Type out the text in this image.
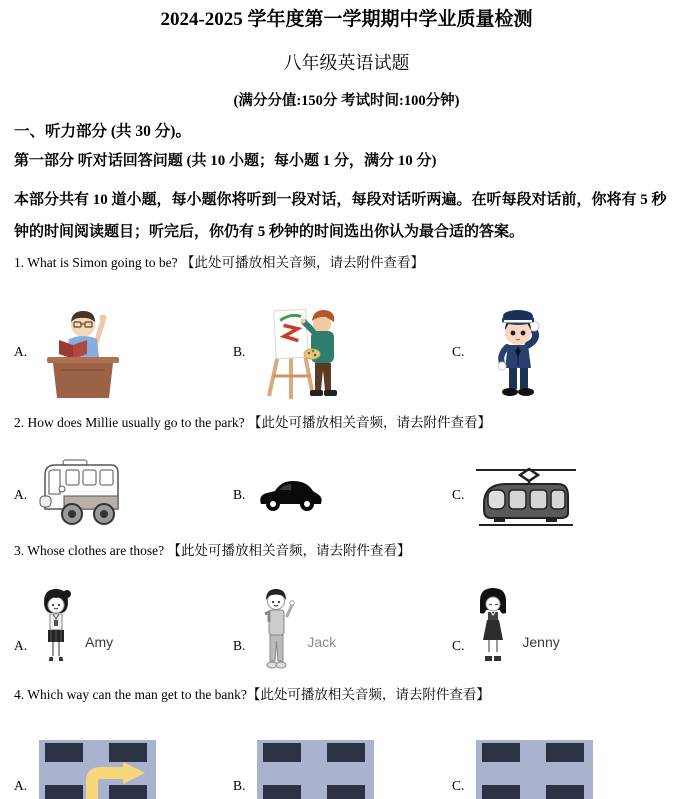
2024-2025 学年度第一学期期中学业质量检测
八年级英语试题
(满分分值:150分 考试时间:100分钟)
一、听力部分 (共 30 分)。
第一部分 听对话回答问题 (共 10 小题；每小题 1 分，满分 10 分)

本部分共有 10 道小题，每小题你将听到一段对话，每段对话听两遍。在听每段对话前，你将有 5 秒钟的时间阅读题目；听完后，你仍有 5 秒钟的时间选出你认为最合适的答案。

1. What is Simon going to be? 【此处可播放相关音频，请去附件查看】

A.	B.	C.

2. How does Millie usually go to the park? 【此处可播放相关音频，请去附件查看】

A.	B.	C.

3. Whose clothes are those? 【此处可播放相关音频，请去附件查看】

A.	Amy	B.	Jack	C.	Jenny

4. Which way can the man get to the bank?【此处可播放相关音频，请去附件查看】

A.	B.	C.
